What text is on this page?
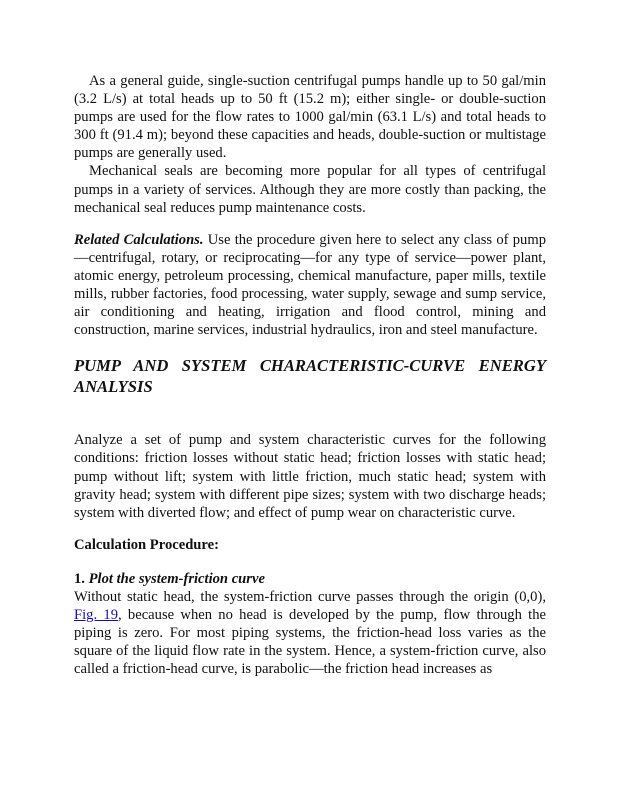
As a general guide, single-suction centrifugal pumps handle up to 50 gal/min (3.2 L/s) at total heads up to 50 ft (15.2 m); either single- or double-suction pumps are used for the flow rates to 1000 gal/min (63.1 L/s) and total heads to 300 ft (91.4 m); beyond these capacities and heads, double-suction or multistage pumps are generally used.

Mechanical seals are becoming more popular for all types of centrifugal pumps in a variety of services. Although they are more costly than packing, the mechanical seal reduces pump maintenance costs.

Related Calculations. Use the procedure given here to select any class of pump—centrifugal, rotary, or reciprocating—for any type of service—power plant, atomic energy, petroleum processing, chemical manufacture, paper mills, textile mills, rubber factories, food processing, water supply, sewage and sump service, air conditioning and heating, irrigation and flood control, mining and construction, marine services, industrial hydraulics, iron and steel manufacture.

PUMP AND SYSTEM CHARACTERISTIC-CURVE ENERGY ANALYSIS

Analyze a set of pump and system characteristic curves for the following conditions: friction losses without static head; friction losses with static head; pump without lift; system with little friction, much static head; system with gravity head; system with different pipe sizes; system with two discharge heads; system with diverted flow; and effect of pump wear on characteristic curve.

Calculation Procedure:

1. Plot the system-friction curve

Without static head, the system-friction curve passes through the origin (0,0), Fig. 19, because when no head is developed by the pump, flow through the piping is zero. For most piping systems, the friction-head loss varies as the square of the liquid flow rate in the system. Hence, a system-friction curve, also called a friction-head curve, is parabolic—the friction head increases as
